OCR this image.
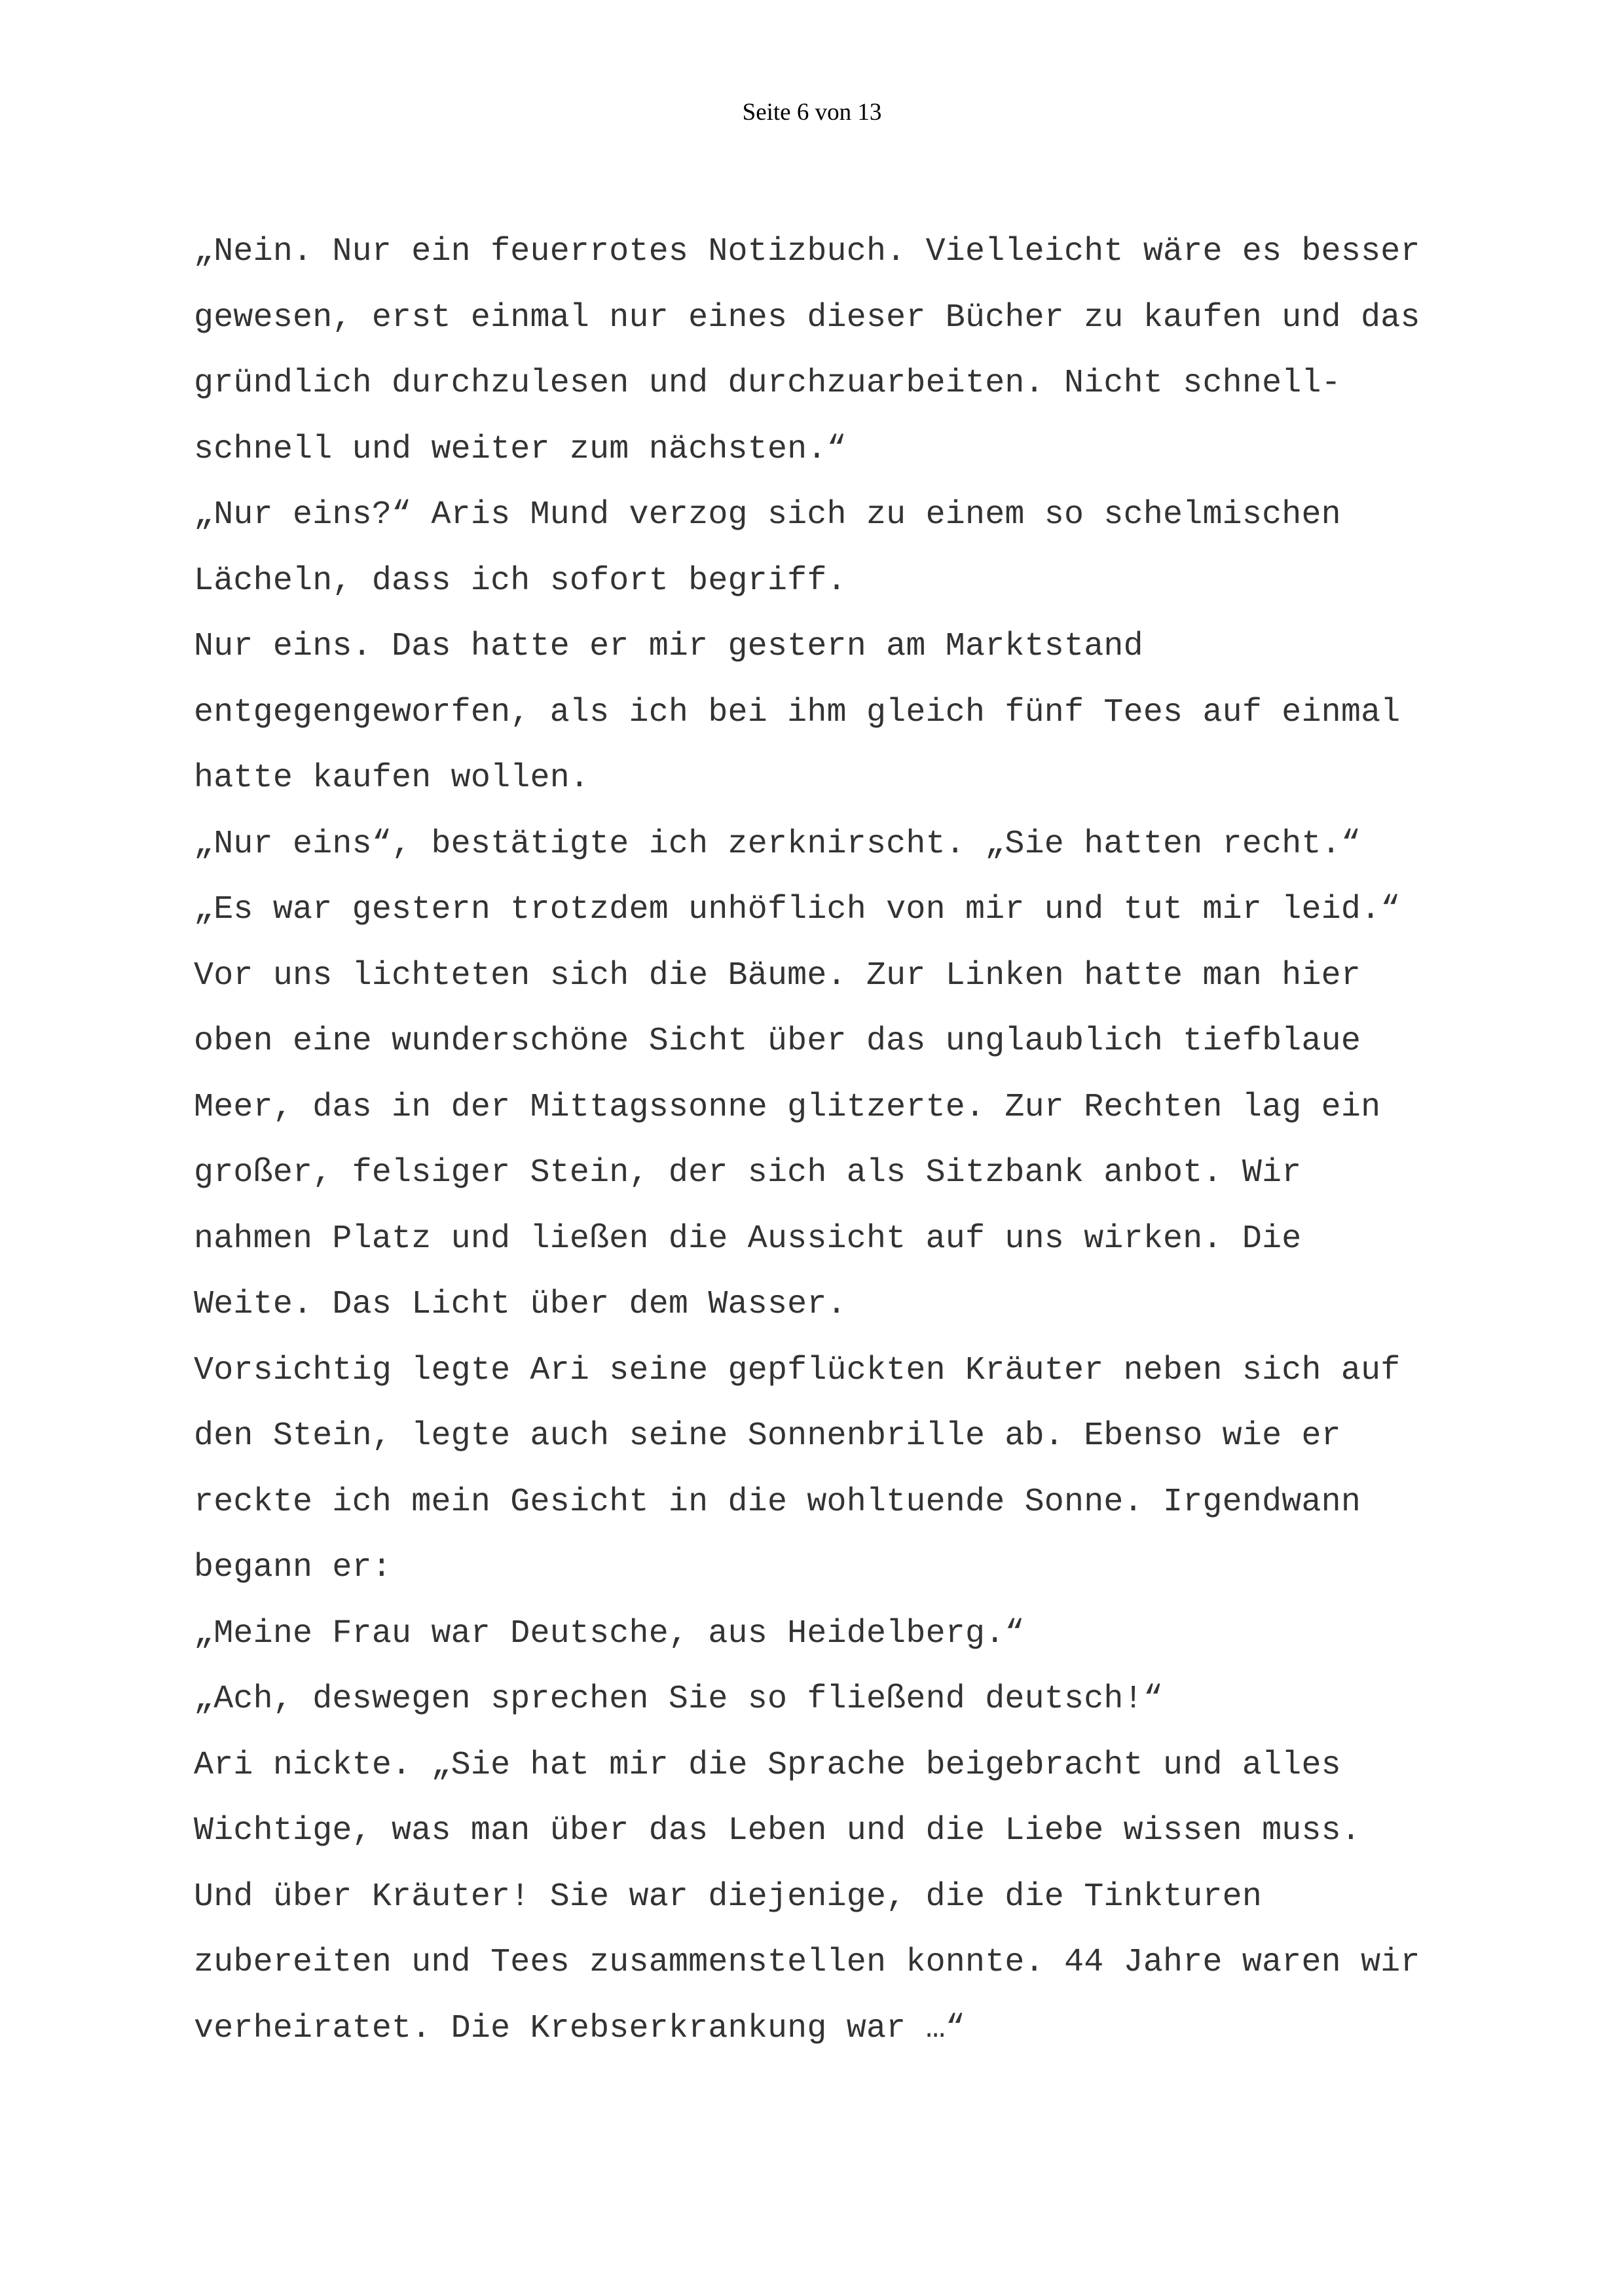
Seite 6 von 13
„Nein. Nur ein feuerrotes Notizbuch. Vielleicht wäre es besser
gewesen, erst einmal nur eines dieser Bücher zu kaufen und das
gründlich durchzulesen und durchzuarbeiten. Nicht schnell-
schnell und weiter zum nächsten.“
„Nur eins?“ Aris Mund verzog sich zu einem so schelmischen
Lächeln, dass ich sofort begriff.
Nur eins. Das hatte er mir gestern am Marktstand
entgegengeworfen, als ich bei ihm gleich fünf Tees auf einmal
hatte kaufen wollen.
„Nur eins“, bestätigte ich zerknirscht. „Sie hatten recht.“
„Es war gestern trotzdem unhöflich von mir und tut mir leid.“
Vor uns lichteten sich die Bäume. Zur Linken hatte man hier
oben eine wunderschöne Sicht über das unglaublich tiefblaue
Meer, das in der Mittagssonne glitzerte. Zur Rechten lag ein
großer, felsiger Stein, der sich als Sitzbank anbot. Wir
nahmen Platz und ließen die Aussicht auf uns wirken. Die
Weite. Das Licht über dem Wasser.
Vorsichtig legte Ari seine gepflückten Kräuter neben sich auf
den Stein, legte auch seine Sonnenbrille ab. Ebenso wie er
reckte ich mein Gesicht in die wohltuende Sonne. Irgendwann
begann er:
„Meine Frau war Deutsche, aus Heidelberg.“
„Ach, deswegen sprechen Sie so fließend deutsch!“
Ari nickte. „Sie hat mir die Sprache beigebracht und alles
Wichtige, was man über das Leben und die Liebe wissen muss.
Und über Kräuter! Sie war diejenige, die die Tinkturen
zubereiten und Tees zusammenstellen konnte. 44 Jahre waren wir
verheiratet. Die Krebserkrankung war …“
